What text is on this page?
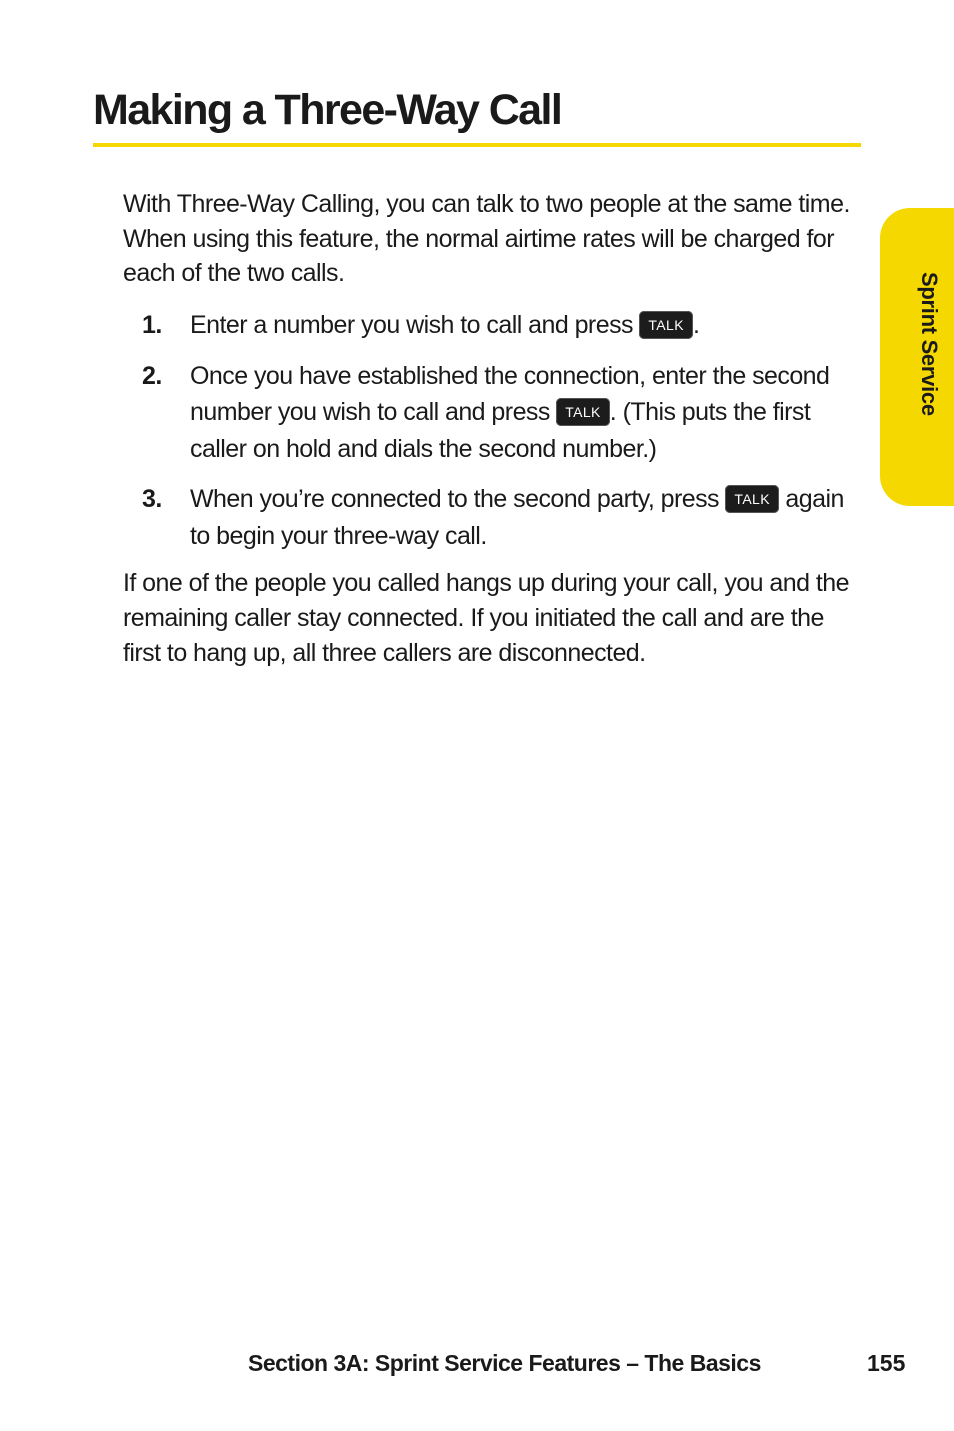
Making a Three-Way Call

With Three-Way Calling, you can talk to two people at the same time. When using this feature, the normal airtime rates will be charged for each of the two calls.

1. Enter a number you wish to call and press TALK .
2. Once you have established the connection, enter the second number you wish to call and press TALK . (This puts the first caller on hold and dials the second number.)
3. When you’re connected to the second party, press TALK again to begin your three-way call.

If one of the people you called hangs up during your call, you and the remaining caller stay connected. If you initiated the call and are the first to hang up, all three callers are disconnected.

Sprint Service
Section 3A: Sprint Service Features – The Basics	155
